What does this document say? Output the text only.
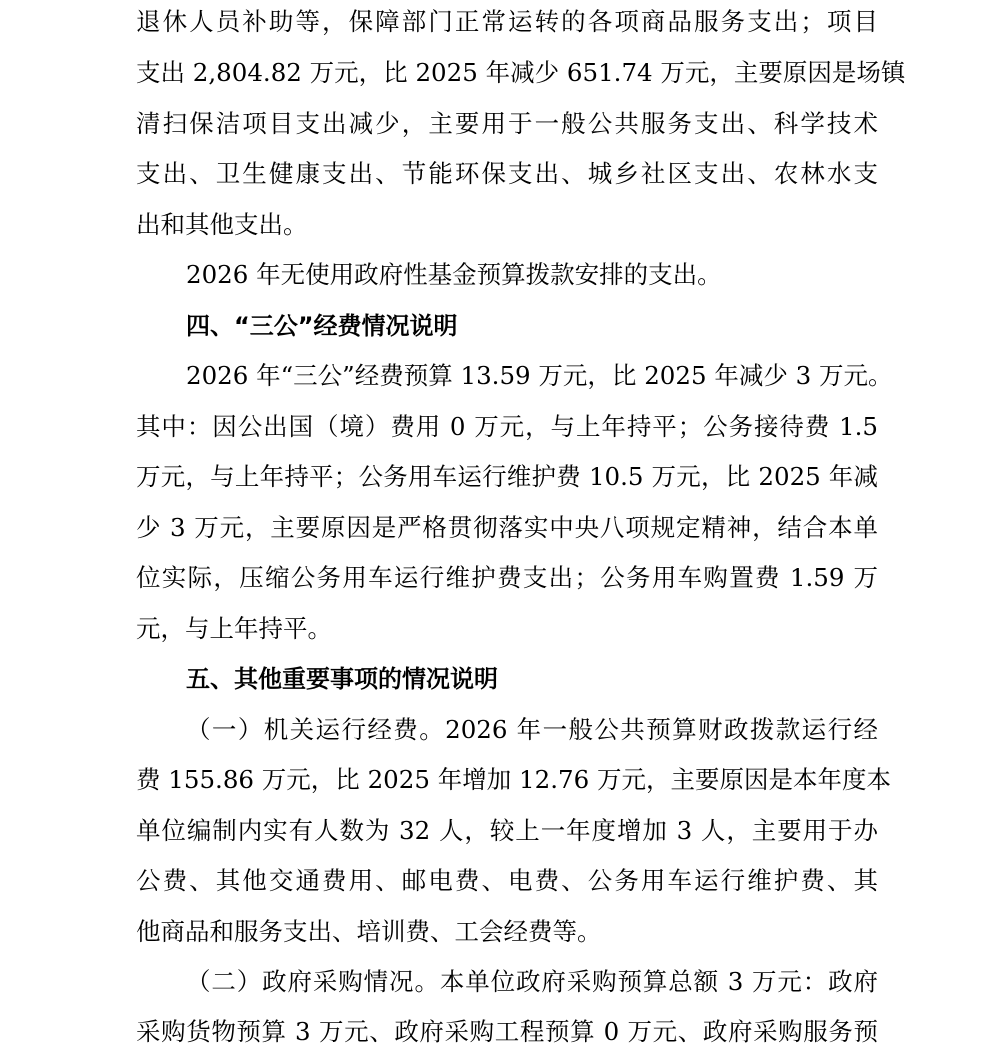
退休人员补助等，保障部门正常运转的各项商品服务支出；项目
支出 2,804.82 万元，比 2025 年减少 651.74 万元，主要原因是场镇
清扫保洁项目支出减少，主要用于一般公共服务支出、科学技术
支出、卫生健康支出、节能环保支出、城乡社区支出、农林水支
出和其他支出。
2026 年无使用政府性基金预算拨款安排的支出。
四、“三公”经费情况说明
2026 年“三公”经费预算 13.59 万元，比 2025 年减少 3 万元。
其中：因公出国（境）费用 0 万元，与上年持平；公务接待费 1.5
万元，与上年持平；公务用车运行维护费 10.5 万元，比 2025 年减
少 3 万元，主要原因是严格贯彻落实中央八项规定精神，结合本单
位实际，压缩公务用车运行维护费支出；公务用车购置费 1.59 万
元，与上年持平。
五、其他重要事项的情况说明
（一）机关运行经费。2026 年一般公共预算财政拨款运行经
费 155.86 万元，比 2025 年增加 12.76 万元，主要原因是本年度本
单位编制内实有人数为 32 人，较上一年度增加 3 人，主要用于办
公费、其他交通费用、邮电费、电费、公务用车运行维护费、其
他商品和服务支出、培训费、工会经费等。
（二）政府采购情况。本单位政府采购预算总额 3 万元：政府
采购货物预算 3 万元、政府采购工程预算 0 万元、政府采购服务预
